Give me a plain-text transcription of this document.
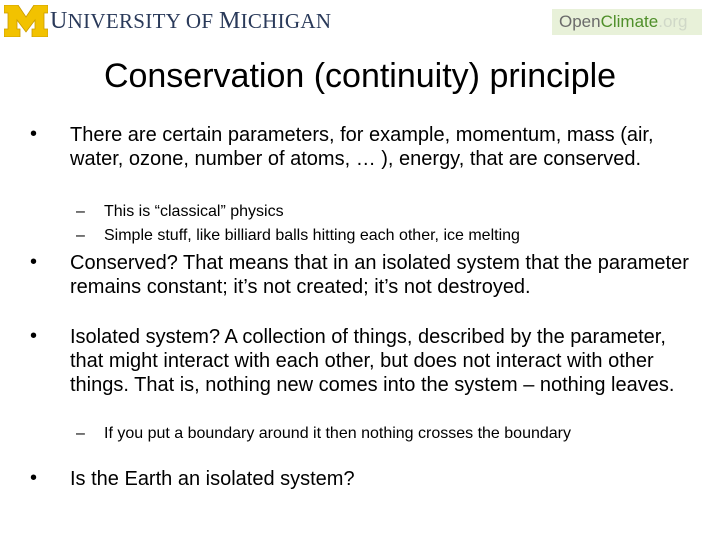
UNIVERSITY OF MICHIGAN	Open Climate .org
Conservation (continuity) principle
• There are certain parameters, for example, momentum, mass (air, water, ozone, number of atoms, … ), energy, that are conserved.
– This is “classical” physics
– Simple stuff, like billiard balls hitting each other, ice melting
• Conserved? That means that in an isolated system that the parameter remains constant; it’s not created; it’s not destroyed.
• Isolated system? A collection of things, described by the parameter, that might interact with each other, but does not interact with other things. That is, nothing new comes into the system – nothing leaves.
– If you put a boundary around it then nothing crosses the boundary
• Is the Earth an isolated system?
